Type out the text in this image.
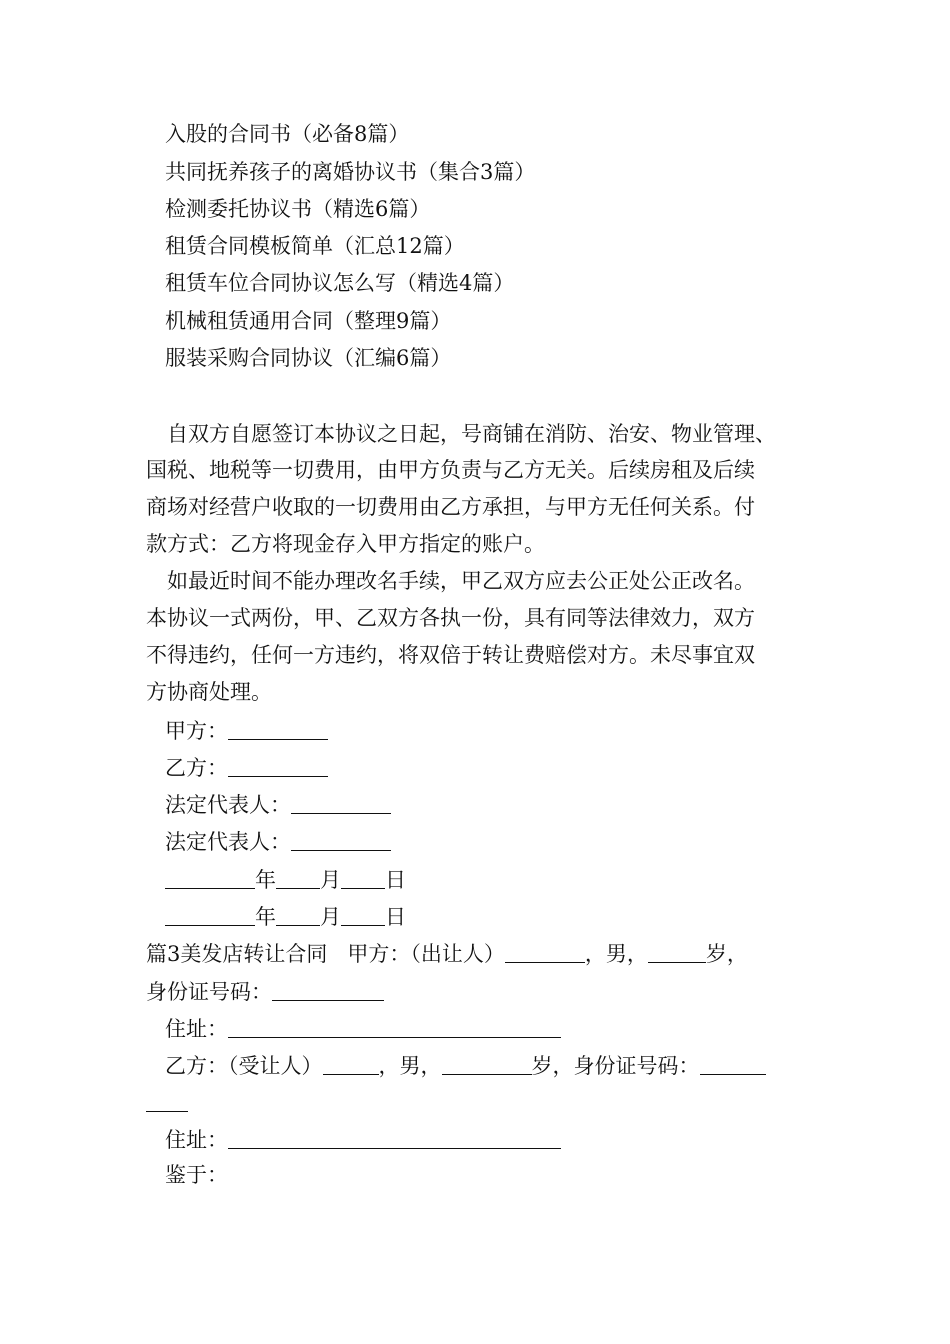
入股的合同书（必备8篇）
共同抚养孩子的离婚协议书（集合3篇）
检测委托协议书（精选6篇）
租赁合同模板简单（汇总12篇）
租赁车位合同协议怎么写（精选4篇）
机械租赁通用合同（整理9篇）
服装采购合同协议（汇编6篇）
自双方自愿签订本协议之日起，号商铺在消防、治安、物业管理、
国税、地税等一切费用，由甲方负责与乙方无关。后续房租及后续
商场对经营户收取的一切费用由乙方承担，与甲方无任何关系。付
款方式：乙方将现金存入甲方指定的账户。
如最近时间不能办理改名手续，甲乙双方应去公正处公正改名。
本协议一式两份，甲、乙双方各执一份，具有同等法律效力，双方
不得违约，任何一方违约，将双倍于转让费赔偿对方。未尽事宜双
方协商处理。
甲方：
乙方：
法定代表人：
法定代表人：
年 月 日
年 月 日
篇3美发店转让合同 甲方：（出让人）	，男，	岁，
身份证号码：
住址：
乙方：（受让人）	，男，	岁，身份证号码：
住址：
鉴于：
